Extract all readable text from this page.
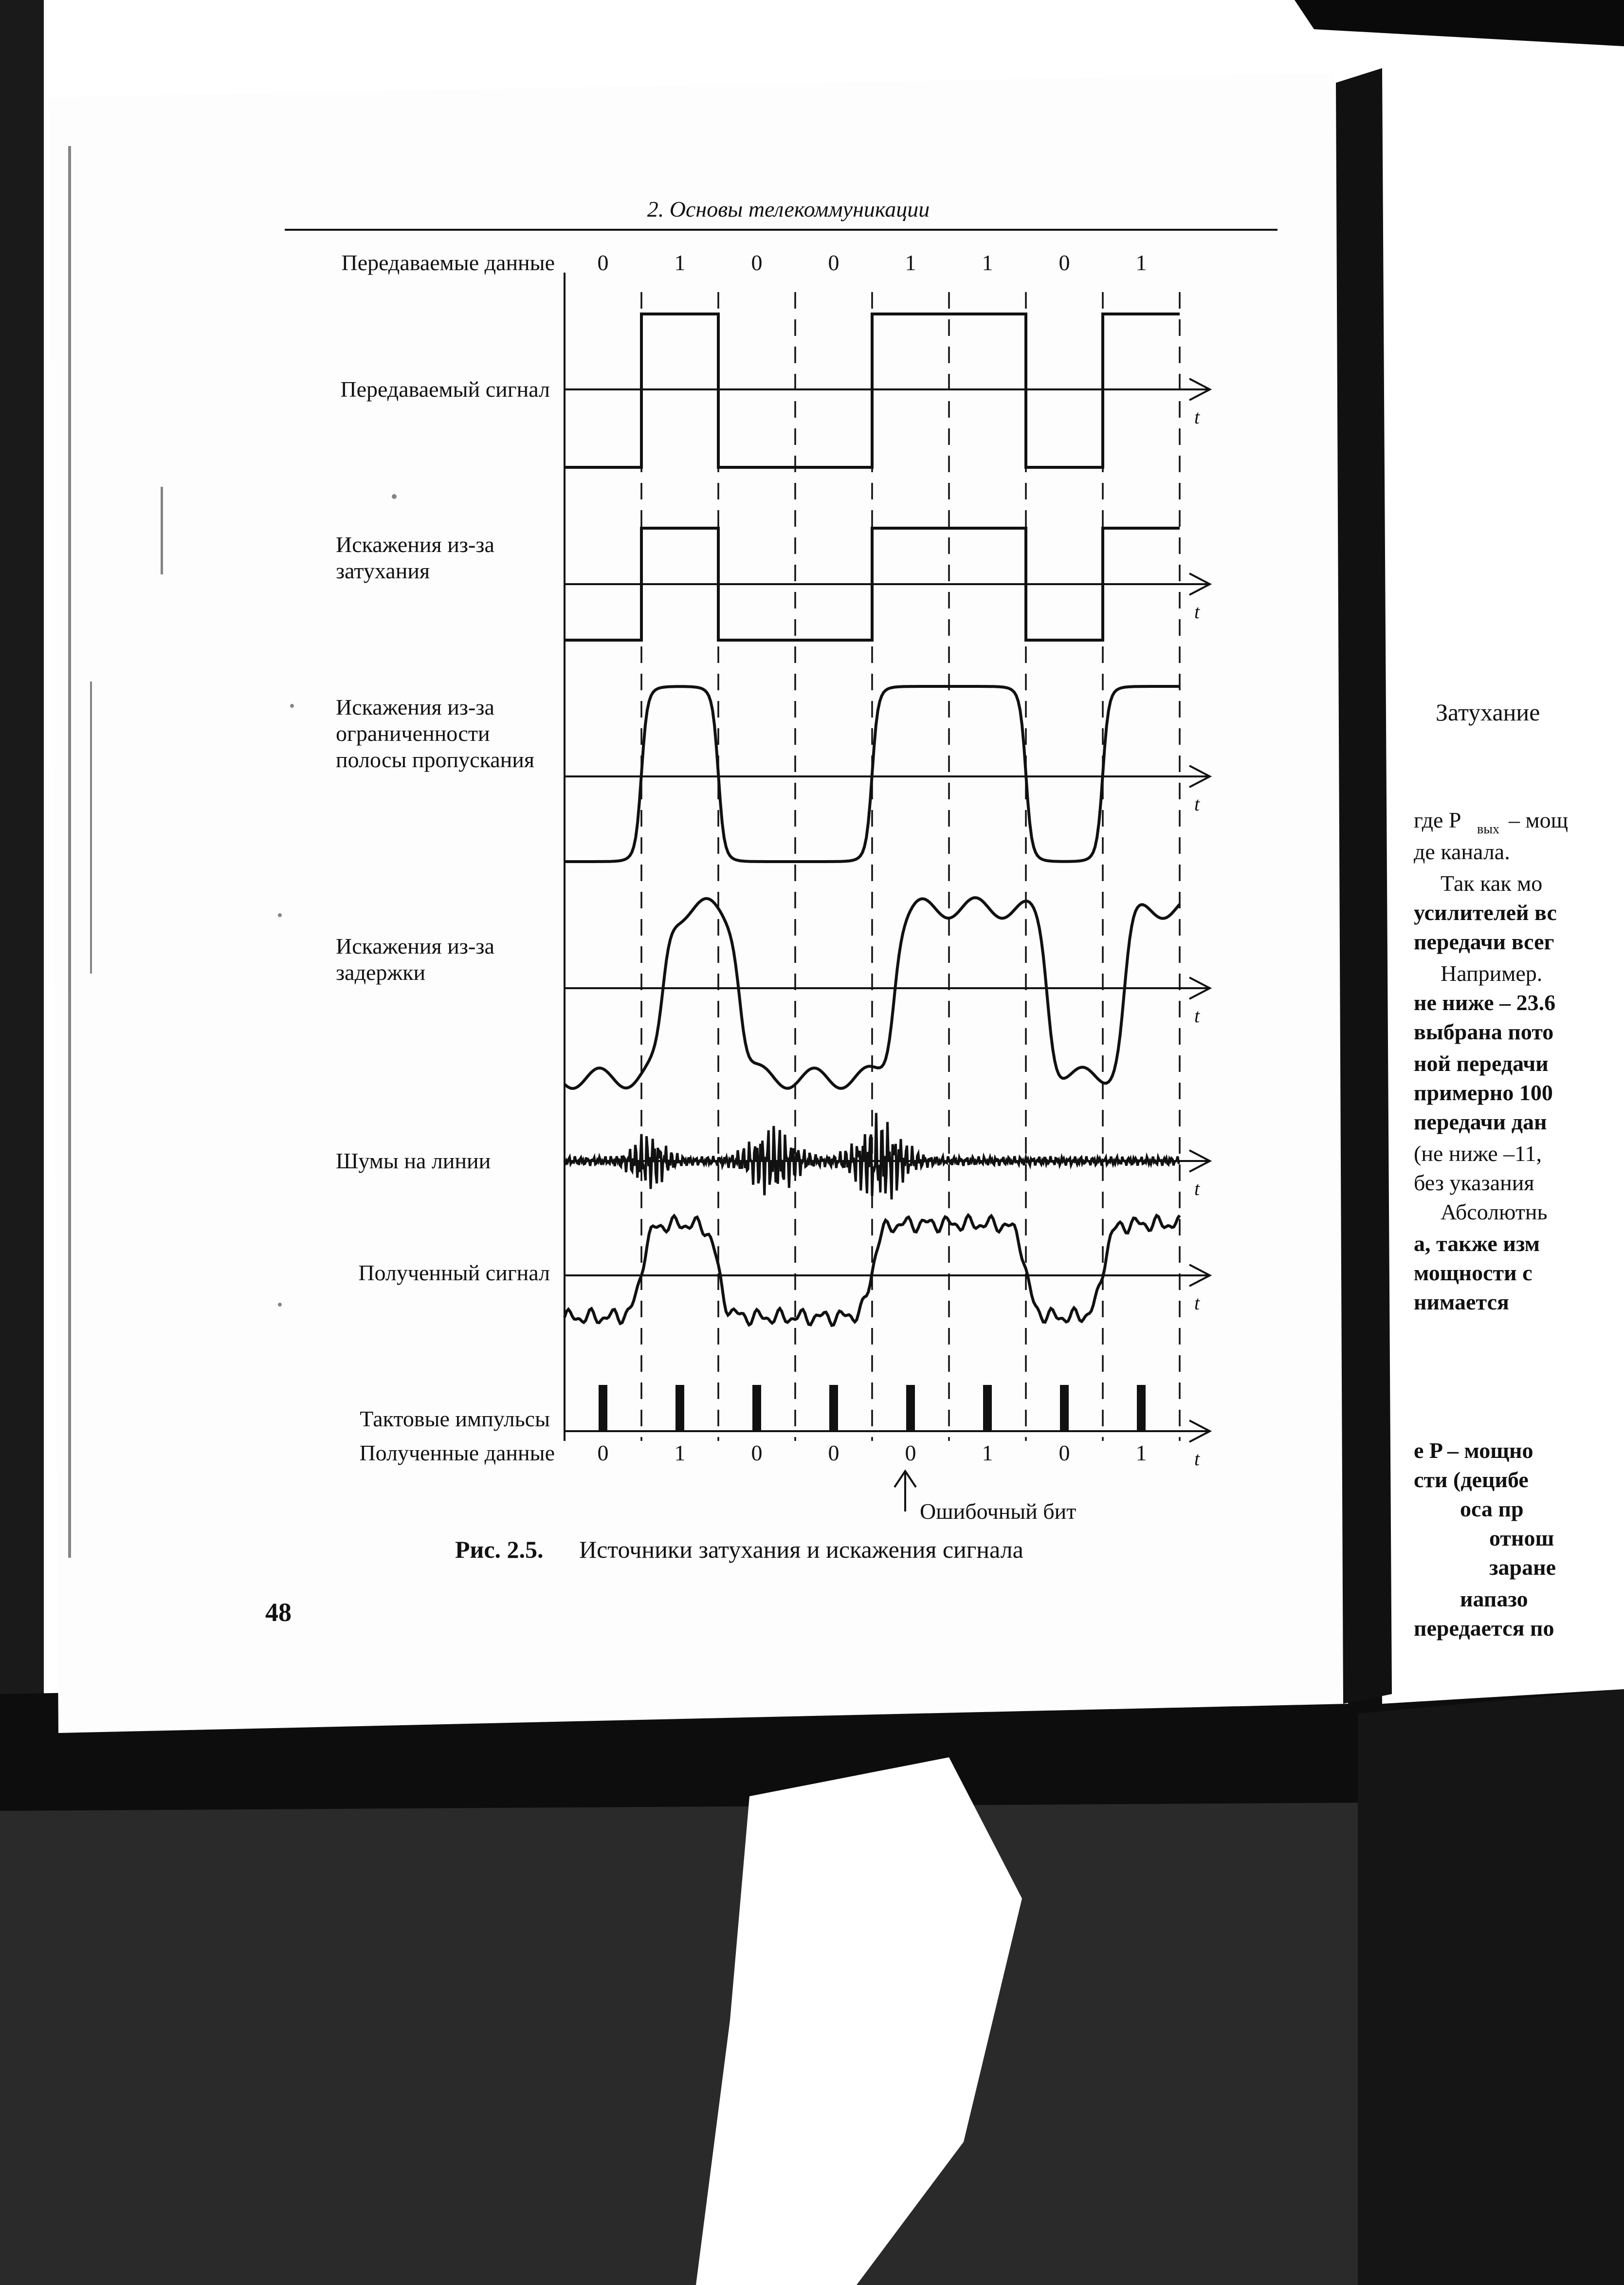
2. Основы телекоммуникации
Передаваемые данные
Полученные данные
Передаваемый сигнал
Искажения из-за затухания
Искажения из-за ограниченности полосы пропускания
Искажения из-за задержки
Шумы на линии
Полученный сигнал
Тактовые импульсы
t
t
t
t
t
t
t
0	1	0	0	1	1	0	1
0	1	0	0	0	1	0	1
Ошибочный бит
Рис. 2.5. Источники затухания и искажения сигнала
48
Затухание
где P
де канала.
Так как мо
усилителей вс
передачи всег
Например.
не ниже – 23.6
выбрана пото
ной передачи
примерно 100
передачи дан
(не ниже –11,
без указания
Абсолютнь
а, также изм
мощности с
нимается
е P – мощно
сти (децибе
оса пр
отнош
заране
иапазо
передается по
вых – мощ
